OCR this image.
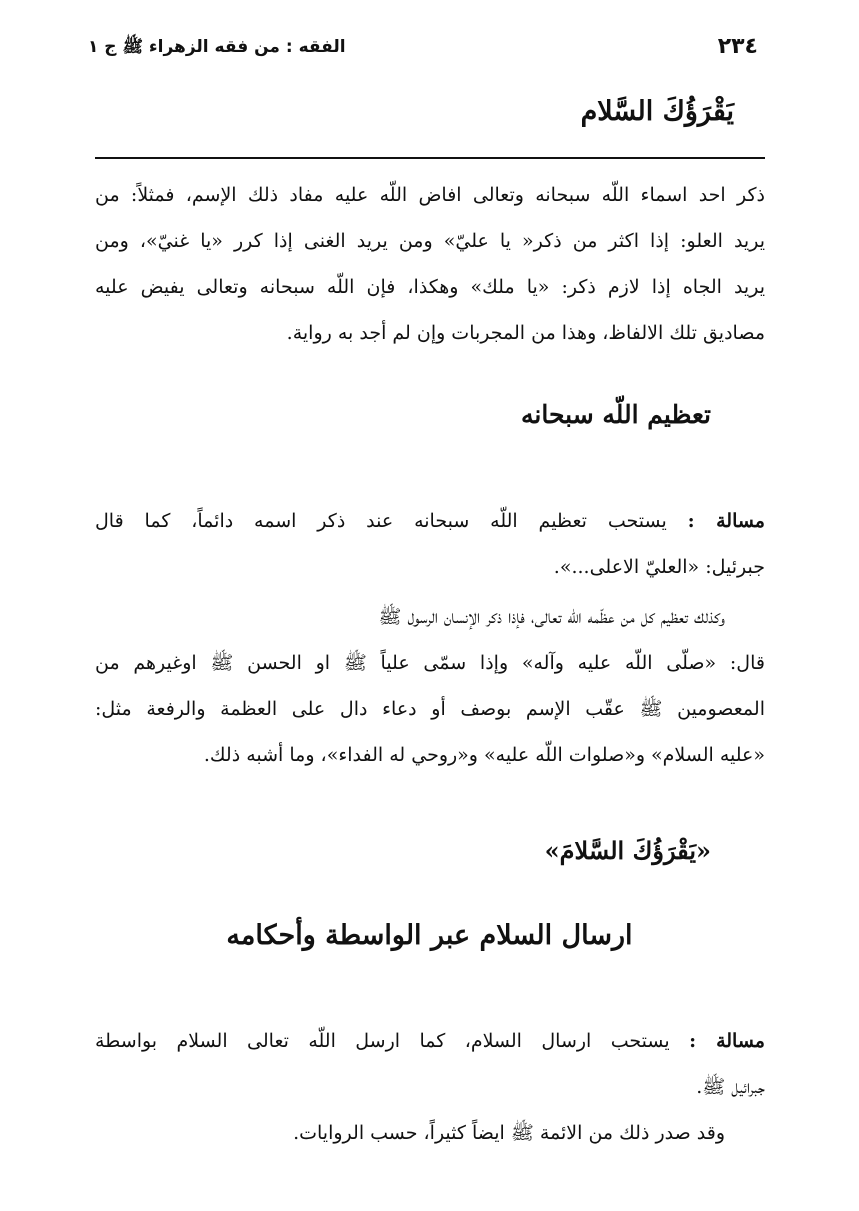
٢٣٤
الفقه : من فقه الزهراء ﷺ ج ١
يَقْرَؤُكَ السَّلام
ذكر احد اسماء اللّه سبحانه وتعالى افاض اللّه عليه مفاد ذلك الإسم، فمثلاً: من
يريد العلو: إذا اكثر من ذكر« يا عليّ» ومن يريد الغنى إذا كرر «يا غنيّ»، ومن
يريد الجاه إذا لازم ذكر: «يا ملك» وهكذا، فإن اللّه سبحانه وتعالى يفيض عليه
مصاديق تلك الالفاظ، وهذا من المجربات وإن لم أجد به رواية.
تعظيم اللّه سبحانه
مسالة : يستحب تعظيم اللّه سبحانه عند ذكر اسمه دائماً، كما قال
جبرئيل: «العليّ الاعلى...».
وكذلك تعظيم كل من عظّمه اللّه تعالى، فإذا ذكر الإنسان الرسول ﷺ
قال: «صلّى اللّه عليه وآله» وإذا سمّى علياً ﷺ او الحسن ﷺ اوغيرهم من
المعصومين ﷺ عقّب الإسم بوصف أو دعاء دال على العظمة والرفعة مثل:
«عليه السلام» و«صلوات اللّه عليه» و«روحي له الفداء»، وما أشبه ذلك.
«يَقْرَؤُكَ السَّلامَ»
ارسال السلام عبر الواسطة وأحكامه
مسالة : يستحب ارسال السلام، كما ارسل اللّه تعالى السلام بواسطة
جبرائيل ﷺ.
وقد صدر ذلك من الائمة ﷺ ايضاً كثيراً، حسب الروايات.
